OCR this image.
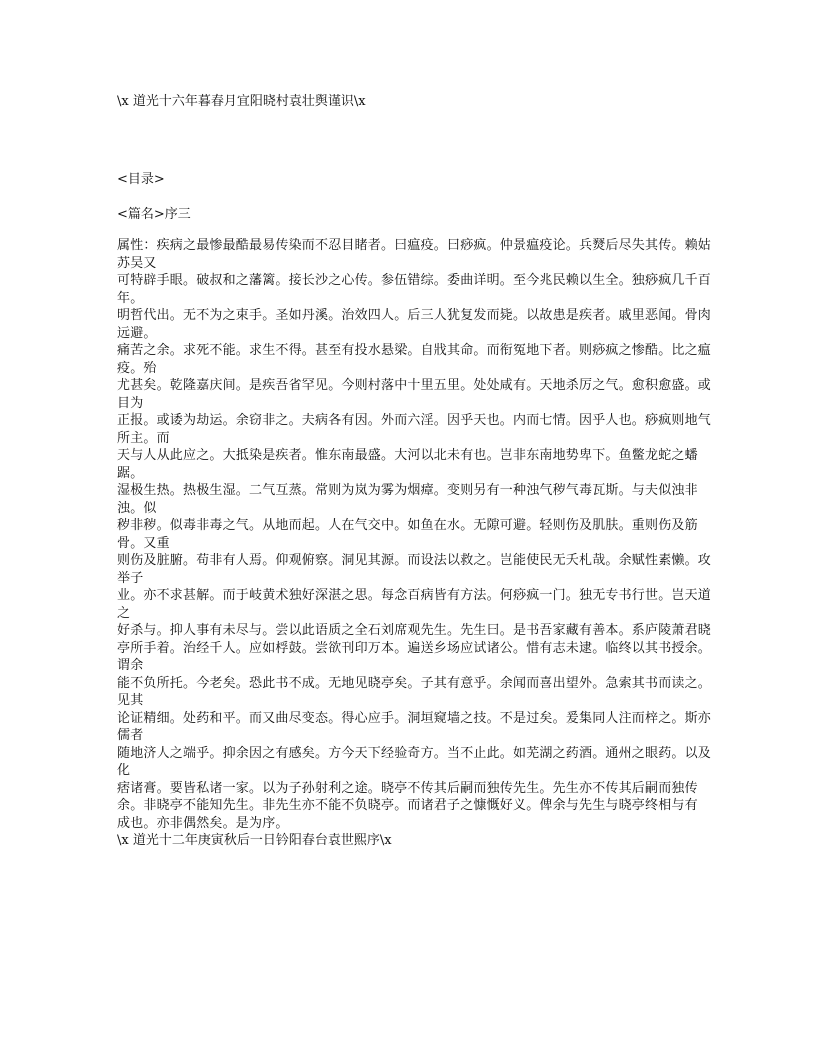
\x 道光十六年暮春月宜阳晓村袁壮舆谨识\x
<目录>
<篇名>序三
属性：疾病之最惨最酷最易传染而不忍目睹者。曰瘟疫。曰痧疯。仲景瘟疫论。兵燹后尽失其传。赖姑苏吴又
可特辟手眼。破叔和之藩篱。接长沙之心传。参伍错综。委曲详明。至今兆民赖以生全。独痧疯几千百年。
明哲代出。无不为之束手。圣如丹溪。治效四人。后三人犹复发而毙。以故患是疾者。戚里恶闻。骨肉远避。
痛苦之余。求死不能。求生不得。甚至有投水悬梁。自戕其命。而衔冤地下者。则痧疯之惨酷。比之瘟疫。殆
尤甚矣。乾隆嘉庆间。是疾吾省罕见。今则村落中十里五里。处处咸有。天地杀厉之气。愈积愈盛。或目为
正报。或诿为劫运。余窃非之。夫病各有因。外而六淫。因乎天也。内而七情。因乎人也。痧疯则地气所主。而
天与人从此应之。大抵染是疾者。惟东南最盛。大河以北未有也。岂非东南地势卑下。鱼鳖龙蛇之蟠踞。
湿极生热。热极生湿。二气互蒸。常则为岚为雾为烟瘴。变则另有一种浊气秽气毒瓦斯。与夫似浊非浊。似
秽非秽。似毒非毒之气。从地而起。人在气交中。如鱼在水。无隙可避。轻则伤及肌肤。重则伤及筋骨。又重
则伤及脏腑。苟非有人焉。仰观俯察。洞见其源。而设法以救之。岂能使民无夭札哉。余赋性素懒。攻举子
业。亦不求甚解。而于岐黄术独好深湛之思。每念百病皆有方法。何痧疯一门。独无专书行世。岂天道之
好杀与。抑人事有未尽与。尝以此语质之全石刘席观先生。先生曰。是书吾家藏有善本。系庐陵萧君晓
亭所手着。治经千人。应如桴鼓。尝欲刊印万本。遍送乡场应试诸公。惜有志未逮。临终以其书授余。谓余
能不负所托。今老矣。恐此书不成。无地见晓亭矣。子其有意乎。余闻而喜出望外。急索其书而读之。见其
论证精细。处药和平。而又曲尽变态。得心应手。洞垣窥墙之技。不是过矣。爰集同人注而梓之。斯亦儒者
随地济人之端乎。抑余因之有感矣。方今天下经验奇方。当不止此。如芜湖之药酒。通州之眼药。以及化
痞诸膏。要皆私诸一家。以为子孙射利之途。晓亭不传其后嗣而独传先生。先生亦不传其后嗣而独传
余。非晓亭不能知先生。非先生亦不能不负晓亭。而诸君子之慷慨好义。俾余与先生与晓亭终相与有
成也。亦非偶然矣。是为序。
\x 道光十二年庚寅秋后一日钤阳春台袁世熙序\x
